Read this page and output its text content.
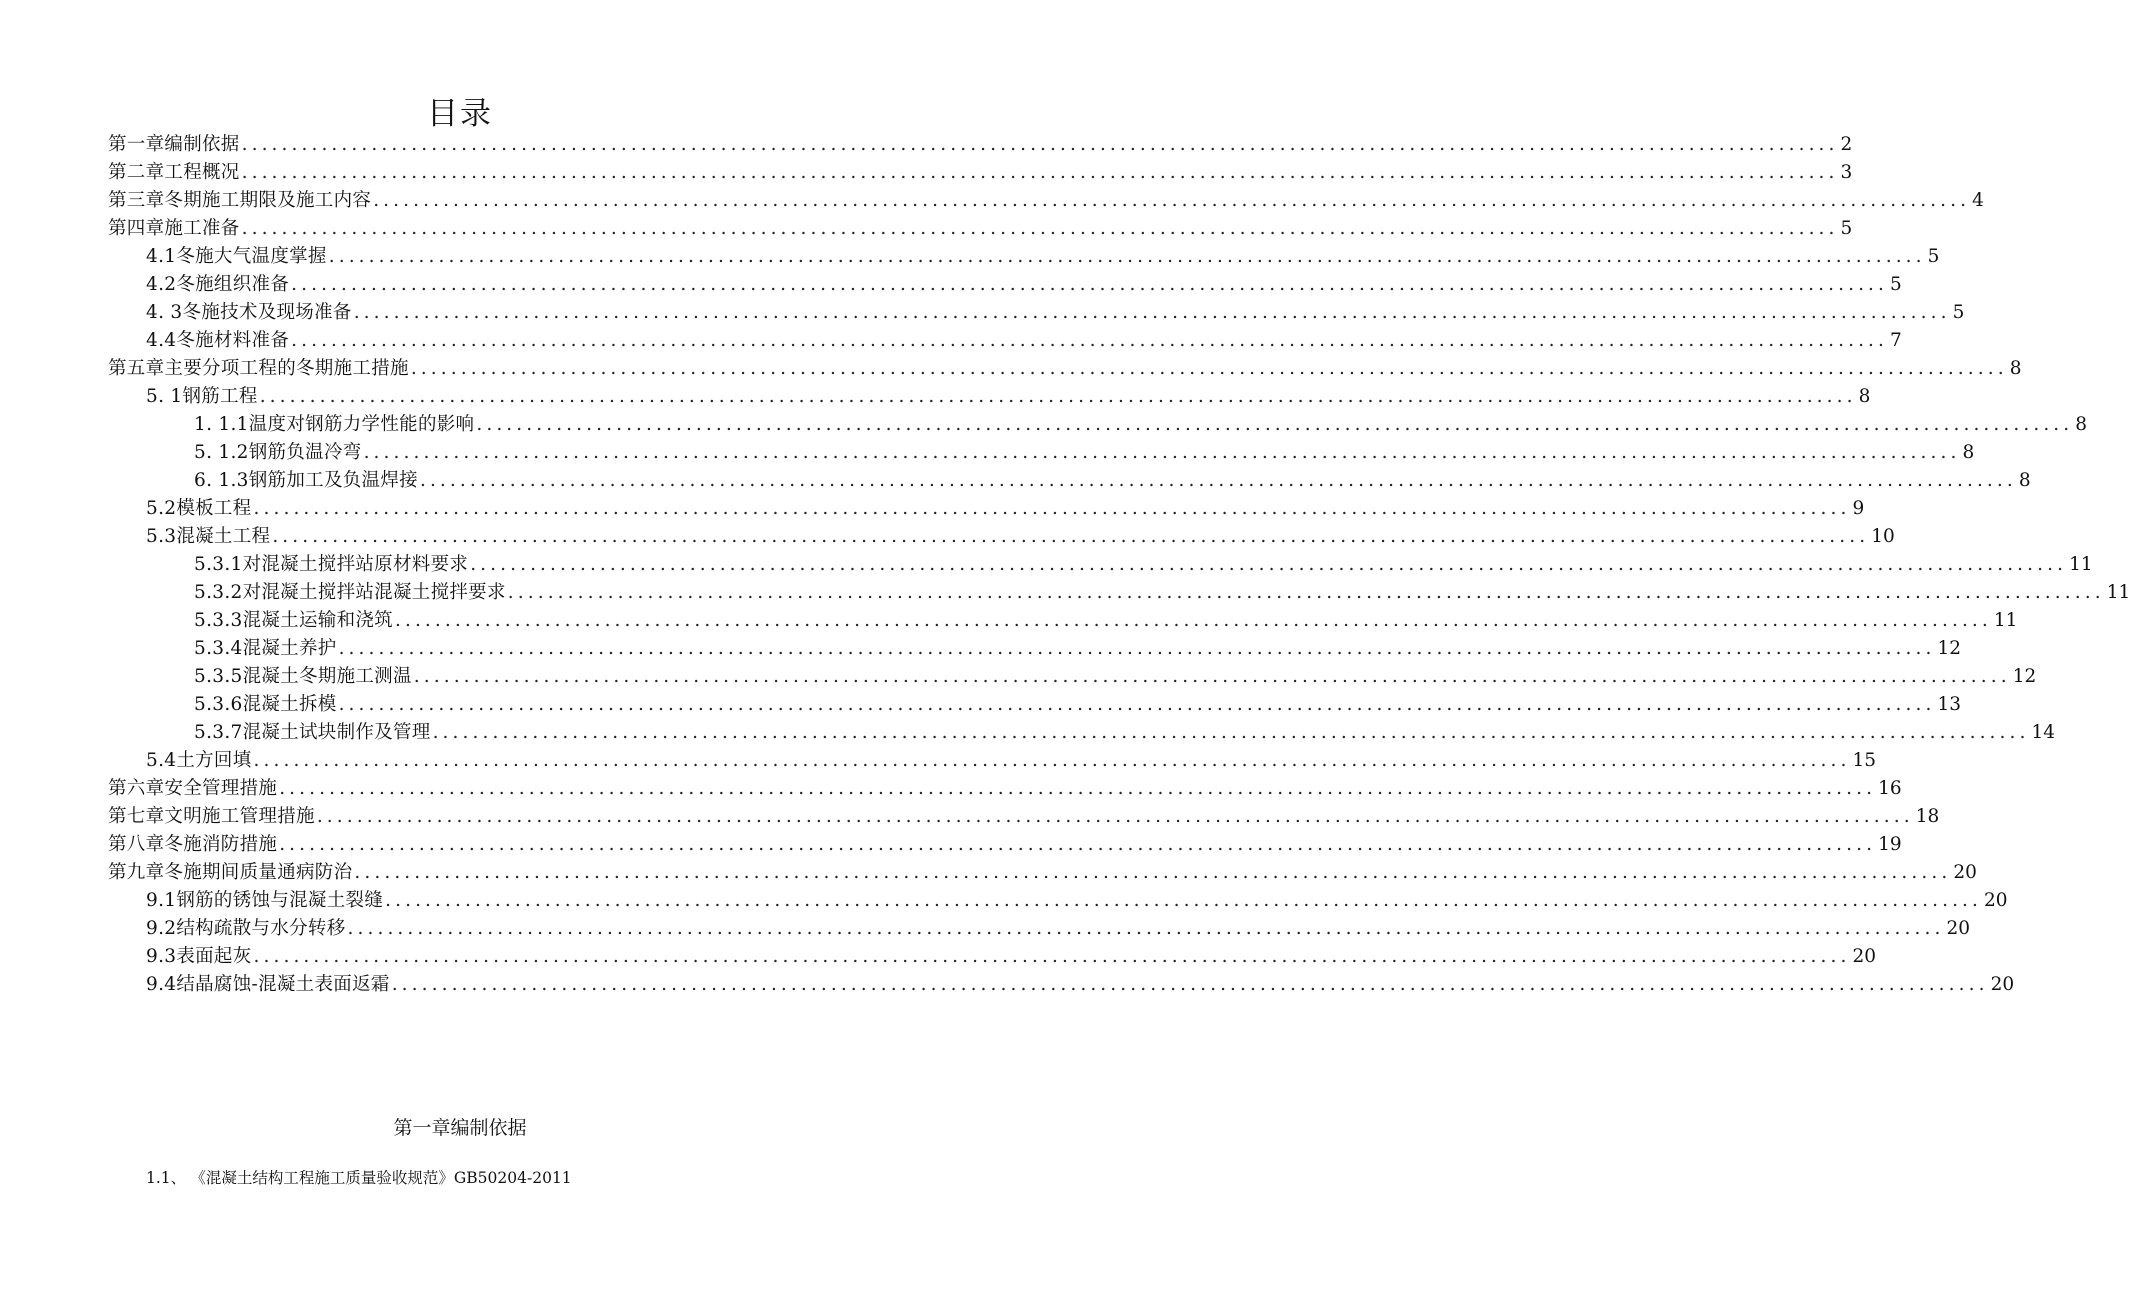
目录
第一章编制依据 ................................................................................................................................................................ 2
第二章工程概况 ................................................................................................................................................................ 3
第三章冬期施工期限及施工内容 ................................................................................................................................................................ 4
第四章施工准备 ................................................................................................................................................................ 5
4.1冬施大气温度掌握 ................................................................................................................................................................ 5
4.2冬施组织准备 ................................................................................................................................................................ 5
4. 3冬施技术及现场准备 ................................................................................................................................................................ 5
4.4冬施材料准备 ................................................................................................................................................................ 7
第五章主要分项工程的冬期施工措施 ................................................................................................................................................................ 8
5. 1钢筋工程 ................................................................................................................................................................ 8
1. 1.1温度对钢筋力学性能的影响 ................................................................................................................................................................ 8
5. 1.2钢筋负温冷弯 ................................................................................................................................................................ 8
6. 1.3钢筋加工及负温焊接 ................................................................................................................................................................ 8
5.2模板工程 ................................................................................................................................................................ 9
5.3混凝土工程 ................................................................................................................................................................ 10
5.3.1对混凝土搅拌站原材料要求 ................................................................................................................................................................ 11
5.3.2对混凝土搅拌站混凝土搅拌要求 ................................................................................................................................................................ 11
5.3.3混凝土运输和浇筑 ................................................................................................................................................................ 11
5.3.4混凝土养护 ................................................................................................................................................................ 12
5.3.5混凝土冬期施工测温 ................................................................................................................................................................ 12
5.3.6混凝土拆模 ................................................................................................................................................................ 13
5.3.7混凝土试块制作及管理 ................................................................................................................................................................ 14
5.4土方回填 ................................................................................................................................................................ 15
第六章安全管理措施 ................................................................................................................................................................ 16
第七章文明施工管理措施 ................................................................................................................................................................ 18
第八章冬施消防措施 ................................................................................................................................................................ 19
第九章冬施期间质量通病防治 ................................................................................................................................................................ 20
9.1钢筋的锈蚀与混凝土裂缝 ................................................................................................................................................................ 20
9.2结构疏散与水分转移 ................................................................................................................................................................ 20
9.3表面起灰 ................................................................................................................................................................ 20
9.4结晶腐蚀-混凝土表面返霜 ................................................................................................................................................................ 20
第一章编制依据
1.1、 《混凝土结构工程施工质量验收规范》GB50204-2011
